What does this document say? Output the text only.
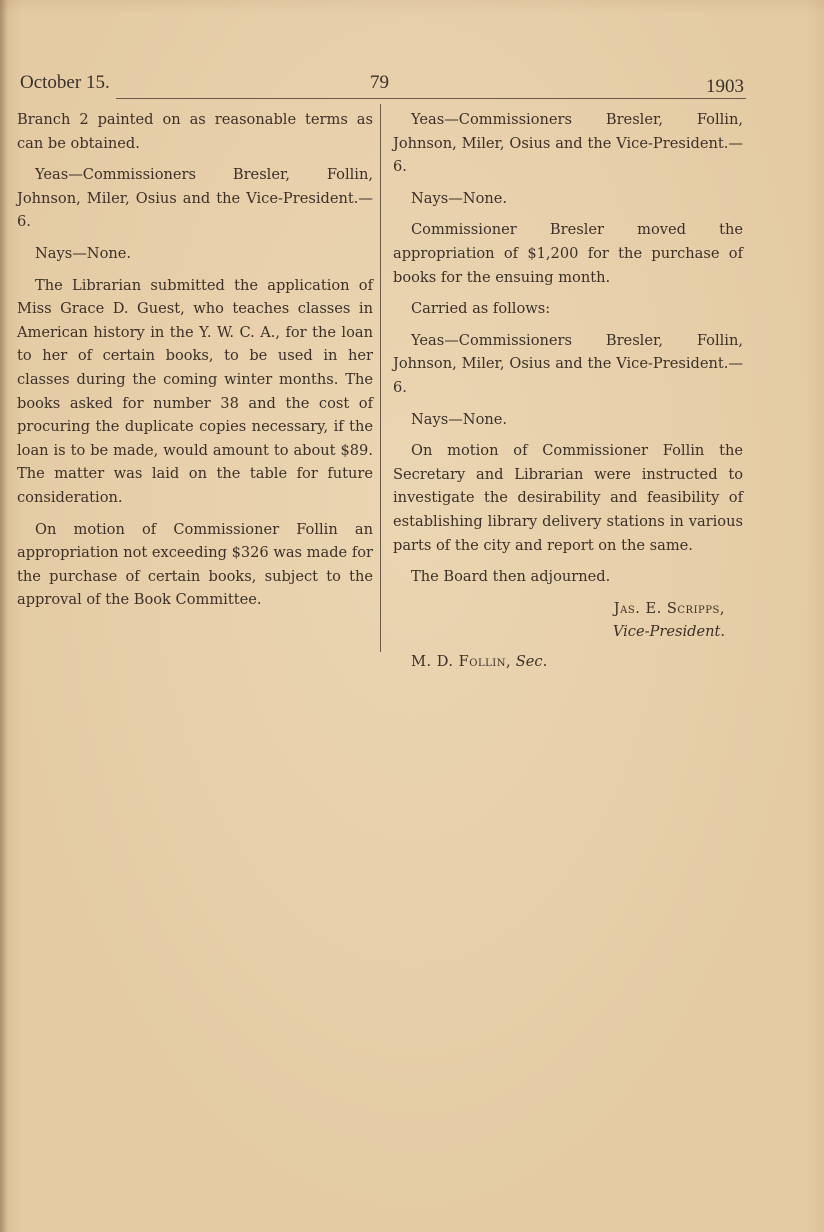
October 15.	79	1903

Branch 2 painted on as reasonable terms as can be obtained.

Yeas—Commissioners Bresler, Follin, Johnson, Miler, Osius and the Vice-President.—6.

Nays—None.

The Librarian submitted the application of Miss Grace D. Guest, who teaches classes in American history in the Y. W. C. A., for the loan to her of certain books, to be used in her classes during the coming winter months. The books asked for number 38 and the cost of procuring the duplicate copies necessary, if the loan is to be made, would amount to about $89. The matter was laid on the table for future consideration.

On motion of Commissioner Follin an appropriation not exceeding $326 was made for the purchase of certain books, subject to the approval of the Book Committee.

Yeas—Commissioners Bresler, Follin, Johnson, Miler, Osius and the Vice-President.—6.

Nays—None.

Commissioner Bresler moved the appropriation of $1,200 for the purchase of books for the ensuing month.

Carried as follows:

Yeas—Commissioners Bresler, Follin, Johnson, Miler, Osius and the Vice-President.—6.

Nays—None.

On motion of Commissioner Follin the Secretary and Librarian were instructed to investigate the desirability and feasibility of establishing library delivery stations in various parts of the city and report on the same.

The Board then adjourned.

Jas. E. Scripps,
Vice-President.
M. D. Follin, Sec.
